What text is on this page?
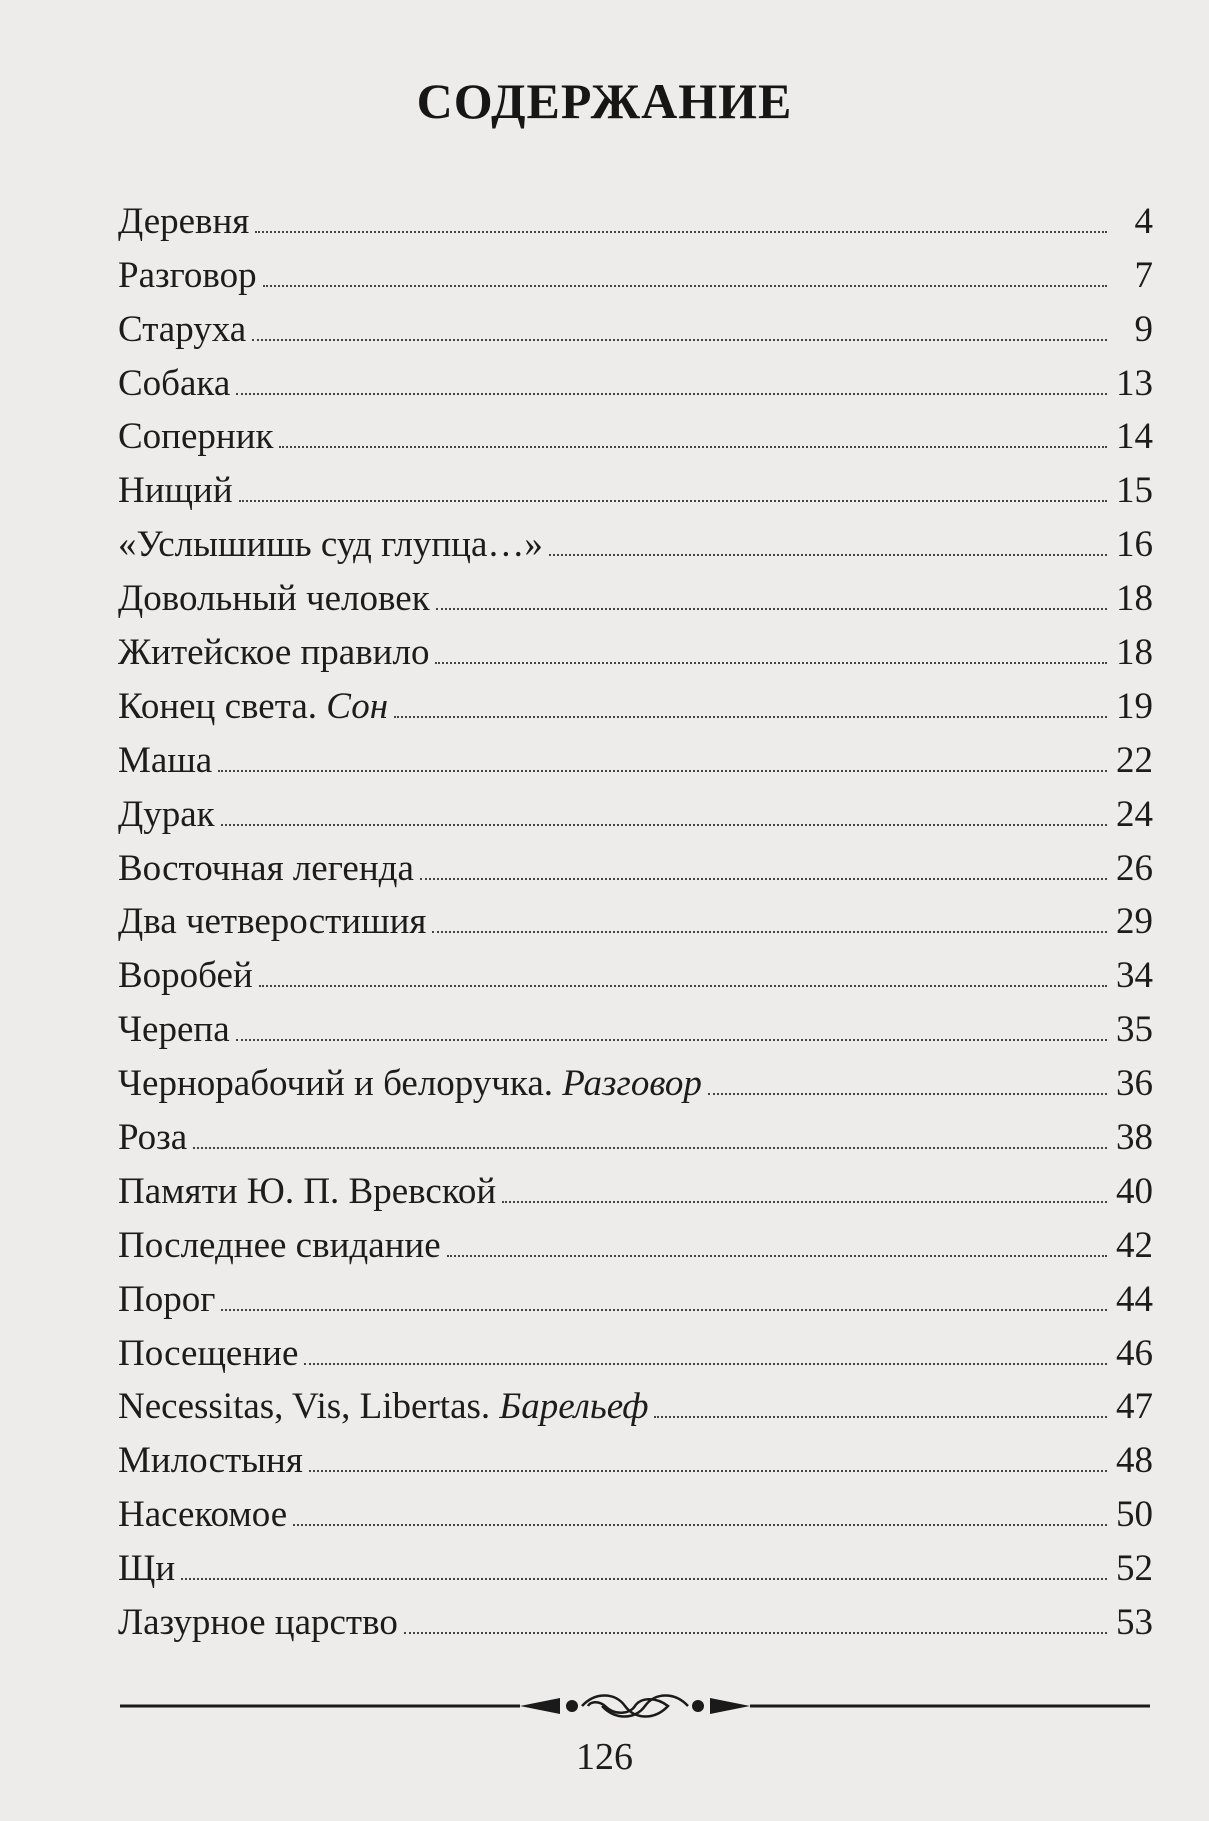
СОДЕРЖАНИЕ
Деревня	4
Разговор	7
Старуха	9
Собака	13
Соперник	14
Нищий	15
«Услышишь суд глупца…»	16
Довольный человек	18
Житейское правило	18
Конец света. Сон	19
Маша	22
Дурак	24
Восточная легенда	26
Два четверостишия	29
Воробей	34
Черепа	35
Чернорабочий и белоручка. Разговор	36
Роза	38
Памяти Ю. П. Вревской	40
Последнее свидание	42
Порог	44
Посещение	46
Necessitas, Vis, Libertas. Барельеф	47
Милостыня	48
Насекомое	50
Щи	52
Лазурное царство	53
126
